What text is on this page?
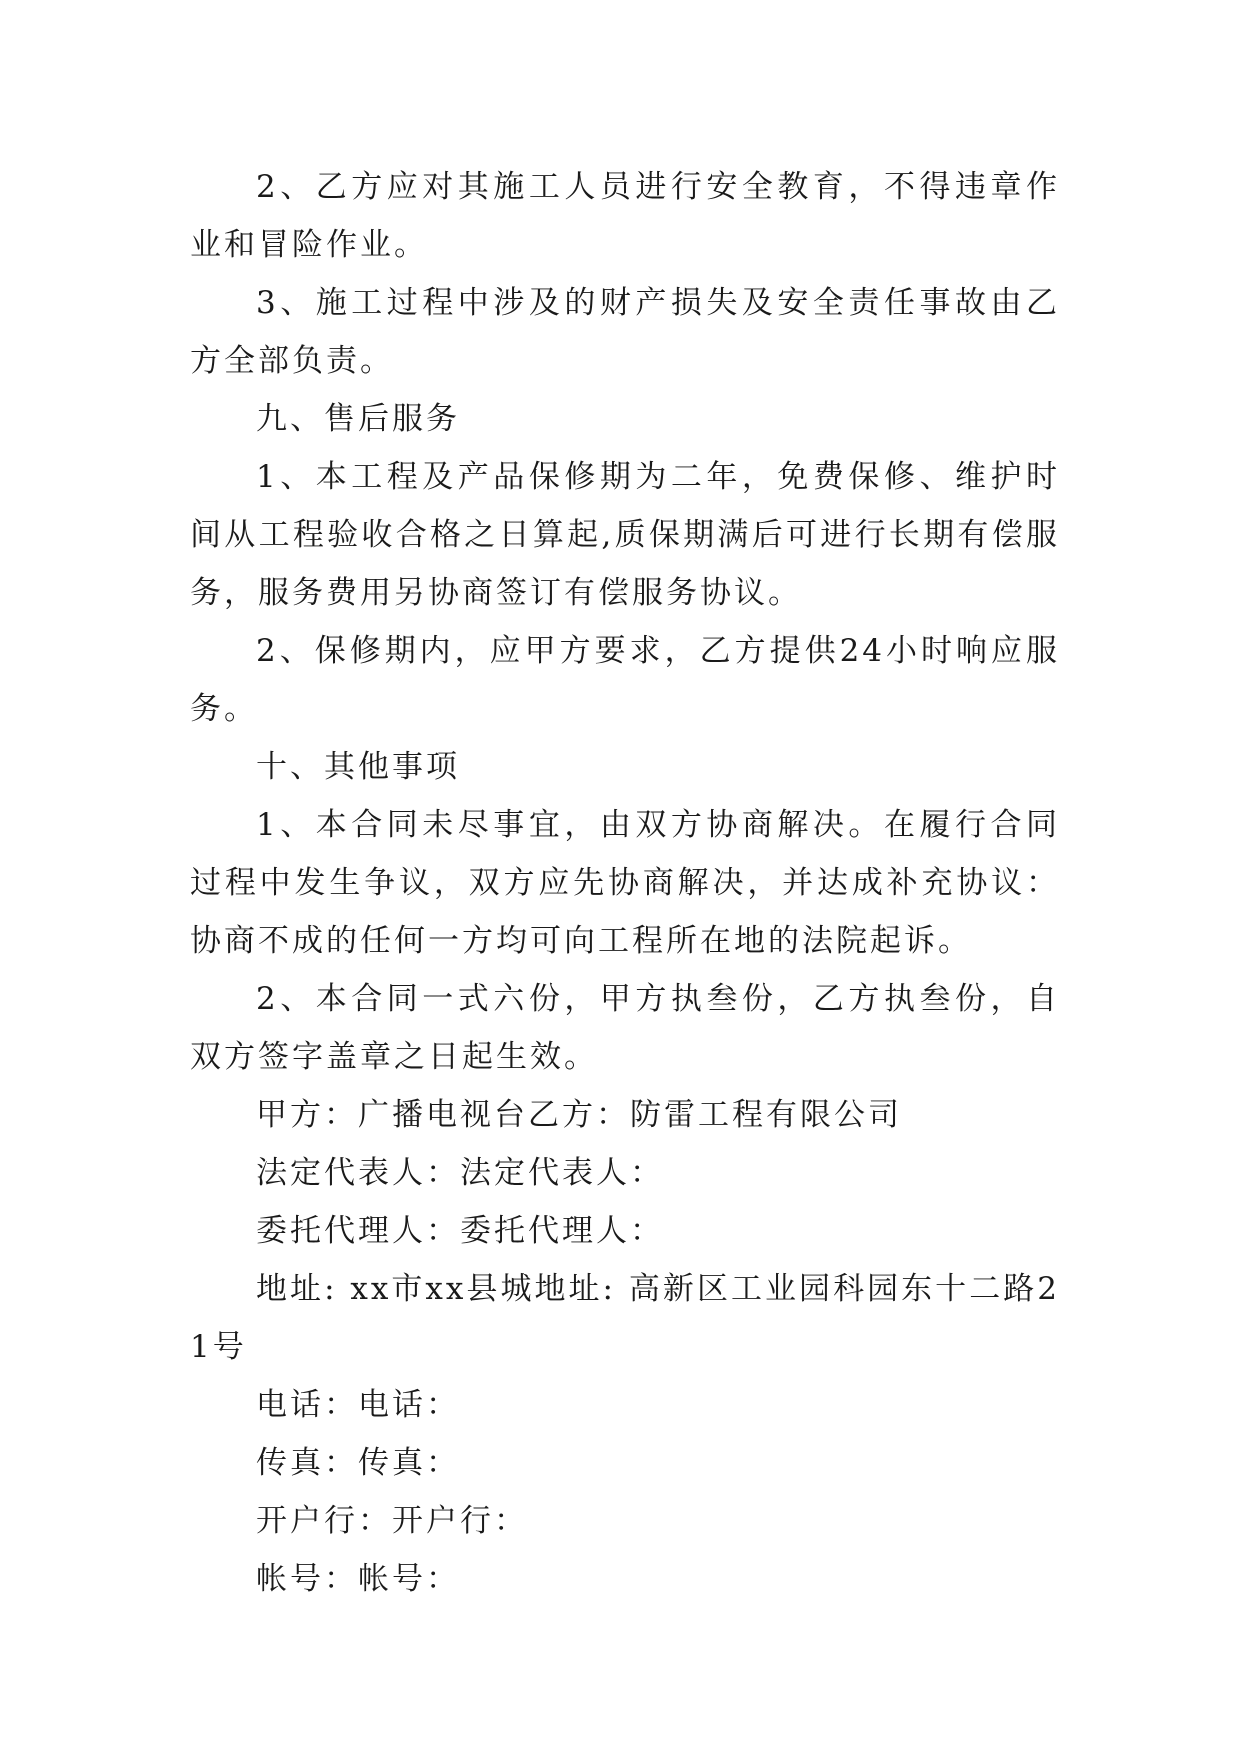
2、乙方应对其施工人员进行安全教育，不得违章作业和冒险作业。

3、施工过程中涉及的财产损失及安全责任事故由乙方全部负责。

九、售后服务

1、本工程及产品保修期为二年，免费保修、维护时间从工程验收合格之日算起,质保期满后可进行长期有偿服务，服务费用另协商签订有偿服务协议。

2、保修期内，应甲方要求，乙方提供24小时响应服务。

十、其他事项

1、本合同未尽事宜，由双方协商解决。在履行合同过程中发生争议，双方应先协商解决，并达成补充协议：协商不成的任何一方均可向工程所在地的法院起诉。

2、本合同一式六份，甲方执叁份，乙方执叁份，自双方签字盖章之日起生效。

甲方：广播电视台乙方：防雷工程有限公司

法定代表人：法定代表人：

委托代理人：委托代理人：

地址: xx市xx县城地址: 高新区工业园科园东十二路21号

电话：电话：

传真：传真：

开户行：开户行：

帐号：帐号：
